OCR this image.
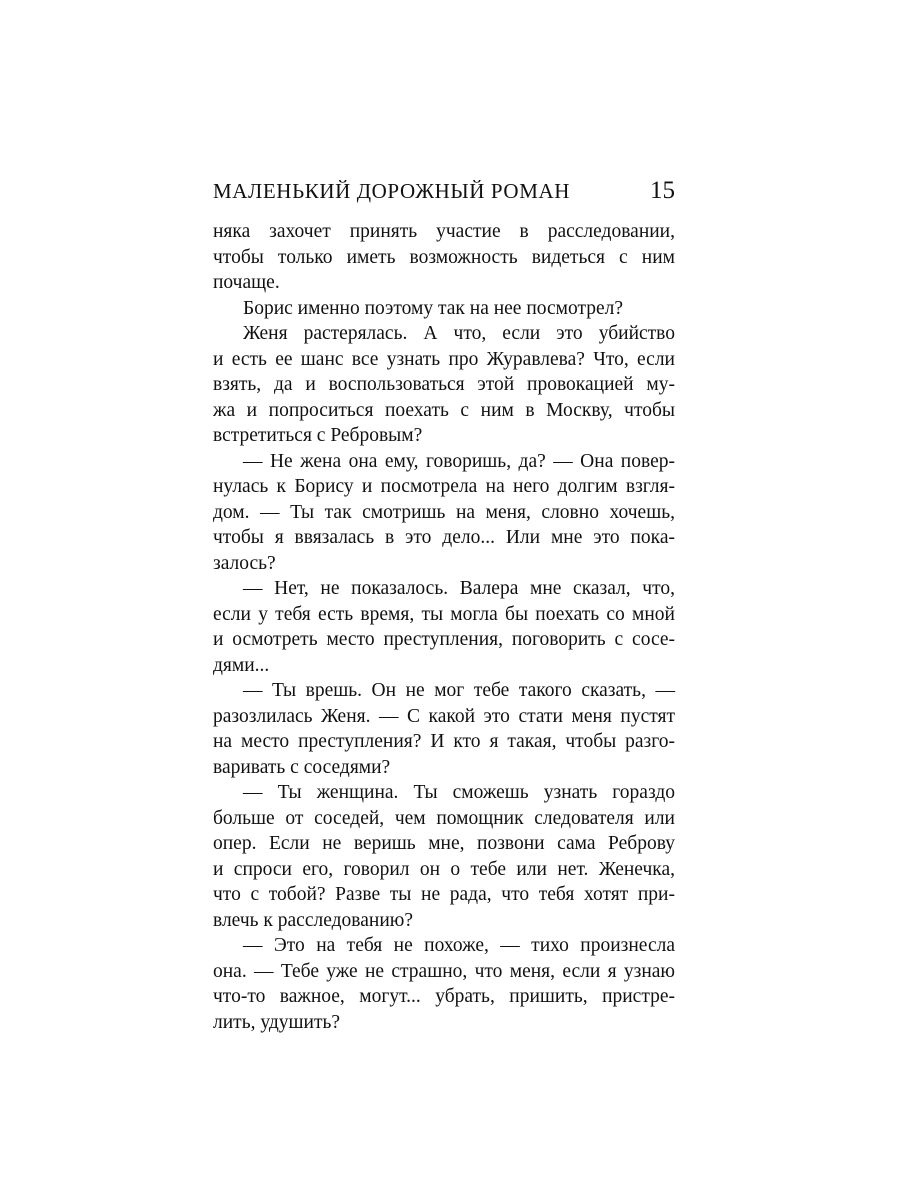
МАЛЕНЬКИЙ ДОРОЖНЫЙ РОМАН	15
няка захочет принять участие в расследовании,
чтобы только иметь возможность видеться с ним
почаще.
Борис именно поэтому так на нее посмотрел?
Женя растерялась. А что, если это убийство
и есть ее шанс все узнать про Журавлева? Что, если
взять, да и воспользоваться этой провокацией му-
жа и попроситься поехать с ним в Москву, чтобы
встретиться с Ребровым?
— Не жена она ему, говоришь, да? — Она повер-
нулась к Борису и посмотрела на него долгим взгля-
дом. — Ты так смотришь на меня, словно хочешь,
чтобы я ввязалась в это дело... Или мне это пока-
залось?
— Нет, не показалось. Валера мне сказал, что,
если у тебя есть время, ты могла бы поехать со мной
и осмотреть место преступления, поговорить с сосе-
дями...
— Ты врешь. Он не мог тебе такого сказать, —
разозлилась Женя. — С какой это стати меня пустят
на место преступления? И кто я такая, чтобы разго-
варивать с соседями?
— Ты женщина. Ты сможешь узнать гораздо
больше от соседей, чем помощник следователя или
опер. Если не веришь мне, позвони сама Реброву
и спроси его, говорил он о тебе или нет. Женечка,
что с тобой? Разве ты не рада, что тебя хотят при-
влечь к расследованию?
— Это на тебя не похоже, — тихо произнесла
она. — Тебе уже не страшно, что меня, если я узнаю
что-то важное, могут... убрать, пришить, пристре-
лить, удушить?
